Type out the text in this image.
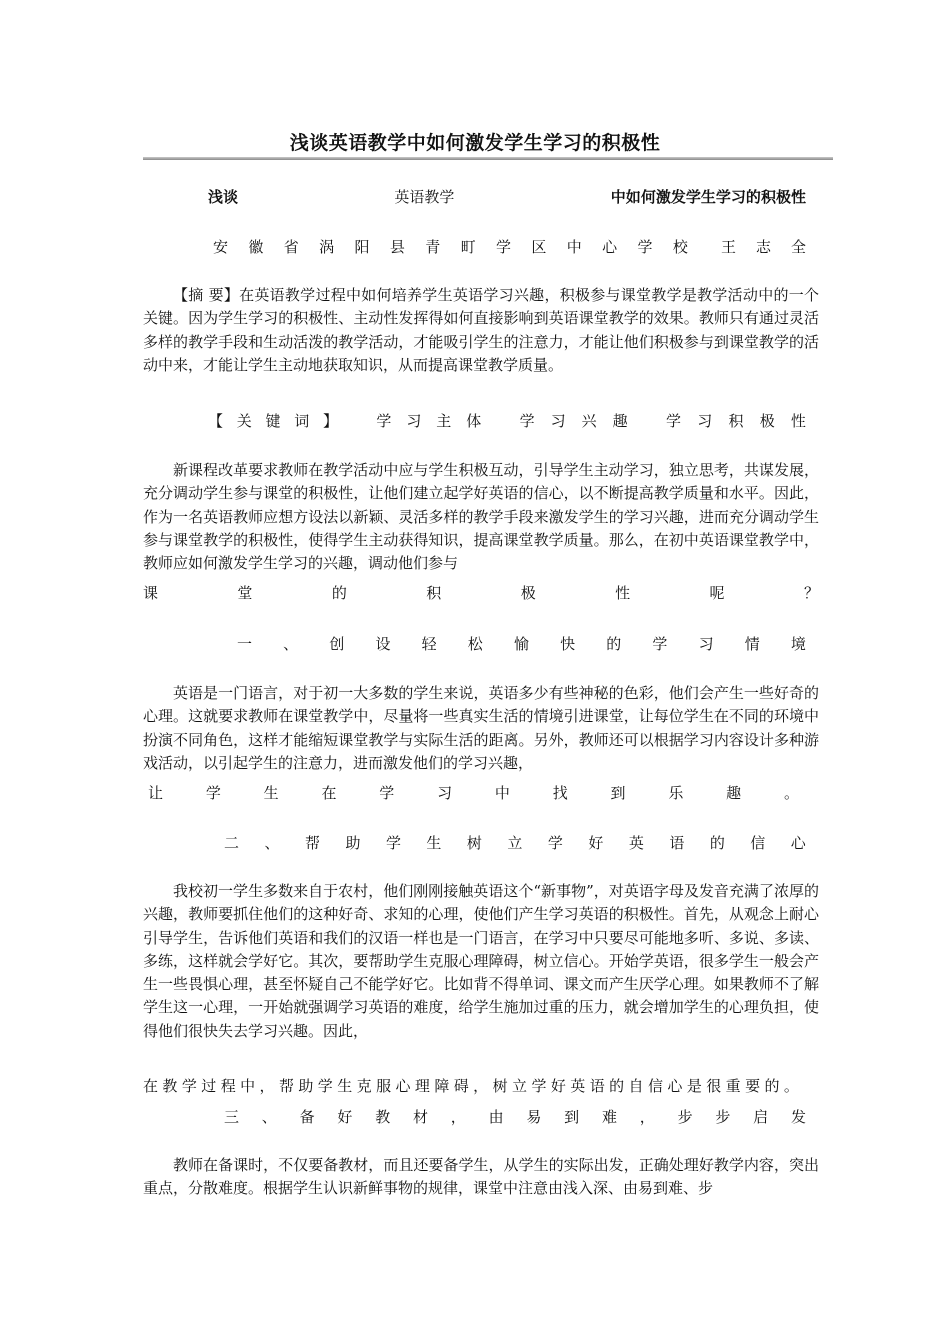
浅谈英语教学中如何激发学生学习的积极性
浅谈	英语教学	中如何激发学生学习的积极性
安 徽 省 涡 阳 县 青 町 学 区 中 心 学 校 王 志 全

【摘 要】在英语教学过程中如何培养学生英语学习兴趣，积极参与课堂教学是教学活动中的一个关键。因为学生学习的积极性、主动性发挥得如何直接影响到英语课堂教学的效果。教师只有通过灵活多样的教学手段和生动活泼的教学活动，才能吸引学生的注意力，才能让他们积极参与到课堂教学的活动中来，才能让学生主动地获取知识，从而提高课堂教学质量。

【 关 键 词 】	学 习 主 体	学 习 兴 趣	学 习 积 极 性

新课程改革要求教师在教学活动中应与学生积极互动，引导学生主动学习，独立思考，共谋发展，充分调动学生参与课堂的积极性，让他们建立起学好英语的信心，以不断提高教学质量和水平。因此，作为一名英语教师应想方设法以新颖、灵活多样的教学手段来激发学生的学习兴趣，进而充分调动学生参与课堂教学的积极性，使得学生主动获得知识，提高课堂教学质量。那么，在初中英语课堂教学中，教师应如何激发学生学习的兴趣，调动他们参与

课	堂	的	积	极	性	呢	？
一 、 创 设 轻 松 愉 快 的 学 习 情 境

英语是一门语言，对于初一大多数的学生来说，英语多少有些神秘的色彩，他们会产生一些好奇的心理。这就要求教师在课堂教学中，尽量将一些真实生活的情境引进课堂，让每位学生在不同的环境中扮演不同角色，这样才能缩短课堂教学与实际生活的距离。另外，教师还可以根据学习内容设计多种游戏活动，以引起学生的注意力，进而激发他们的学习兴趣，

让	学	生	在	学	习	中	找	到	乐	趣	。
二 、 帮 助 学 生 树 立 学 好 英 语 的 信 心

我校初一学生多数来自于农村，他们刚刚接触英语这个“新事物”，对英语字母及发音充满了浓厚的兴趣，教师要抓住他们的这种好奇、求知的心理，使他们产生学习英语的积极性。首先，从观念上耐心引导学生，告诉他们英语和我们的汉语一样也是一门语言，在学习中只要尽可能地多听、多说、多读、多练，这样就会学好它。其次，要帮助学生克服心理障碍，树立信心。开始学英语，很多学生一般会产生一些畏惧心理，甚至怀疑自己不能学好它。比如背不得单词、课文而产生厌学心理。如果教师不了解学生这一心理，一开始就强调学习英语的难度，给学生施加过重的压力，就会增加学生的心理负担，使得他们很快失去学习兴趣。因此，

在 教 学 过 程 中 ， 帮 助 学 生 克 服 心 理 障 碍 ， 树 立 学 好 英 语 的 自 信 心 是 很 重 要 的 。
三 、 备 好 教 材 ， 由 易 到 难 ， 步 步 启 发

教师在备课时，不仅要备教材，而且还要备学生，从学生的实际出发，正确处理好教学内容，突出重点，分散难度。根据学生认识新鲜事物的规律，课堂中注意由浅入深、由易到难、步
